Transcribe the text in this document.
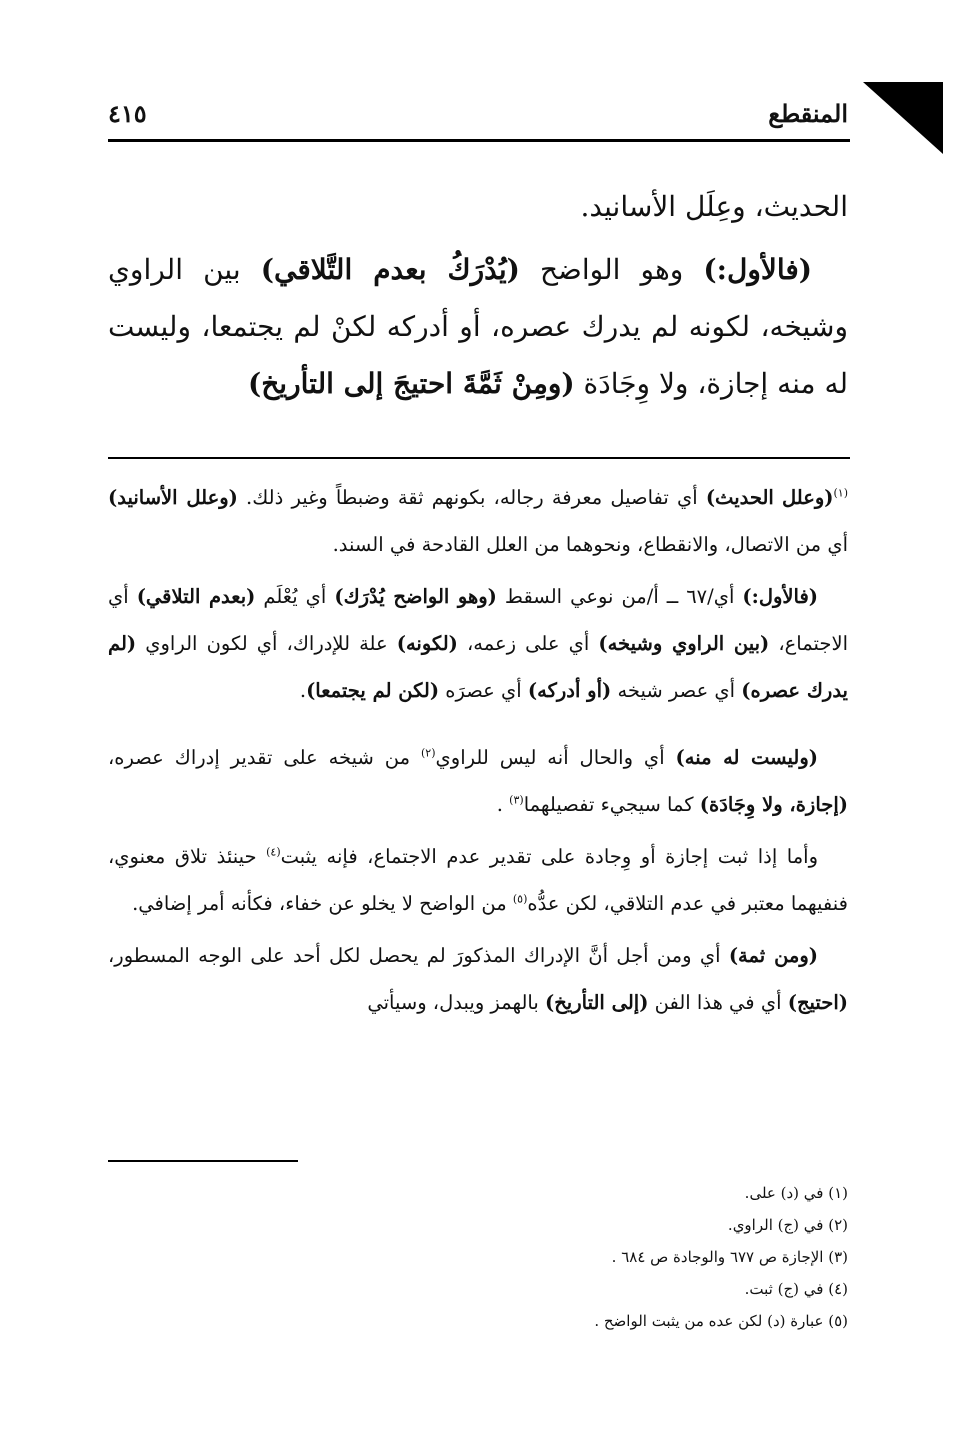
المنقطع
٤١٥

الحديث، وعِلَل الأسانيد.

(فالأول:) وهو الواضح (يُدْرَكُ بعدم التَّلاقي) بين الراوي وشيخه، لكونه لم يدرك عصره، أو أدركه لكنْ لم يجتمعا، وليست له منه إجازة، ولا وِجَادَة (ومِنْ ثَمَّةَ احتيجَ إلى التأريخ)

$^{(١)}$(وعلل الحديث) أي تفاصيل معرفة رجاله، بكونهم ثقة وضبطاً وغير ذلك. (وعلل الأسانيد) أي من الاتصال، والانقطاع، ونحوهما من العلل القادحة في السند.

(فالأول:) أي/٦٧ ــ أ/من نوعي السقط (وهو الواضح يُدْرَك) أي يُعْلَم (بعدم التلاقي) أي الاجتماع، (بين الراوي وشيخه) أي على زعمه، (لكونه) علة للإدراك، أي لكون الراوي (لم يدرك عصره) أي عصر شيخه (أو أدركه) أي عصرَه (لكن لم يجتمعا).

(وليست له منه) أي والحال أنه ليس للراوي$^{(٢)}$ من شيخه على تقدير إدراك عصره، (إجازة، ولا وِجَادَة) كما سيجيء تفصيلهما$^{(٣)}$ .

وأما إذا ثبت إجازة أو وِجادة على تقدير عدم الاجتماع، فإنه يثبت$^{(٤)}$ حينئذ تلاق معنوي، فنفيهما معتبر في عدم التلاقي، لكن عدُّه$^{(٥)}$ من الواضح لا يخلو عن خفاء، فكأنه أمر إضافي.

(ومن ثمة) أي ومن أجل أنَّ الإدراك المذكورَ لم يحصل لكل أحد على الوجه المسطور، (احتيج) أي في هذا الفن (إلى التأريخ) بالهمز ويبدل، وسيأتي

(١) في (د) على.
(٢) في (ج) الراوي.
(٣) الإجازة ص ٦٧٧ والوجادة ص ٦٨٤ .
(٤) في (ج) ثبت.
(٥) عبارة (د) لكن عده من يثبت الواضح .
